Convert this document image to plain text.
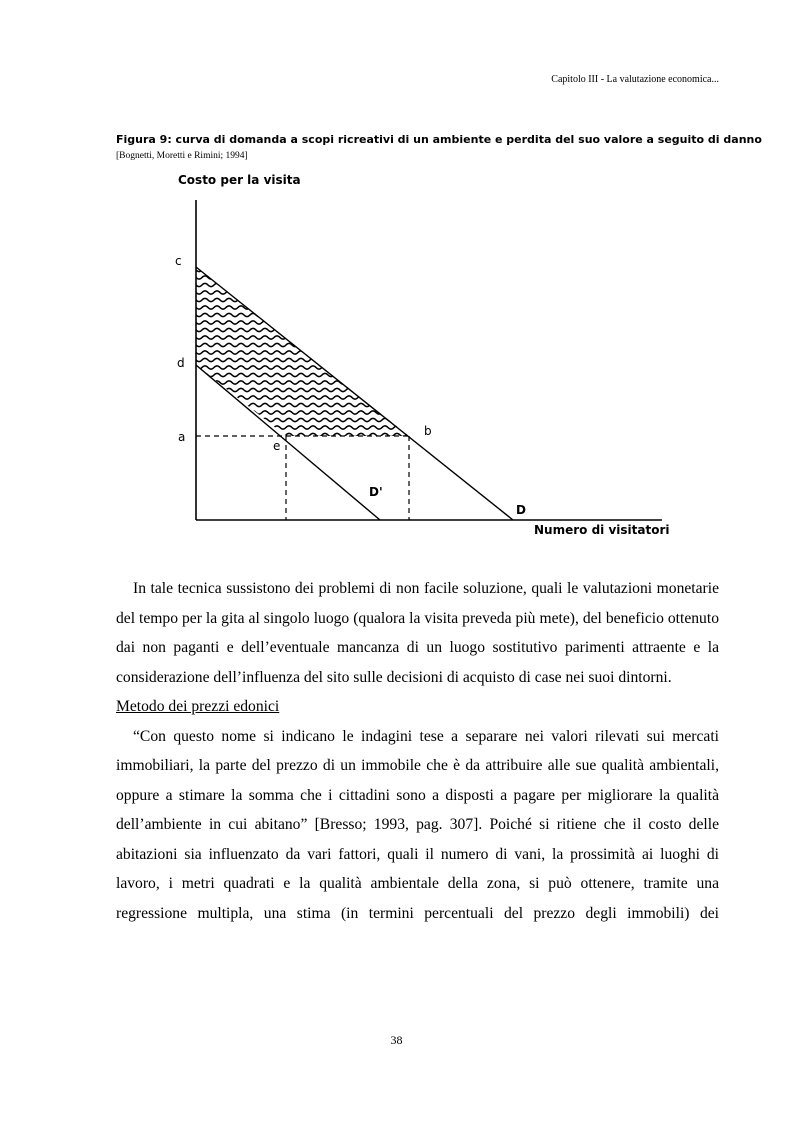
Capitolo III - La valutazione economica...
Figura 9: curva di domanda a scopi ricreativi di un ambiente e perdita del suo valore a seguito di danno
[Bognetti, Moretti e Rimini; 1994]
Costo per la visita
c
d
a
e
b
D'
D
Numero di visitatori

In tale tecnica sussistono dei problemi di non facile soluzione, quali le valutazioni monetarie del tempo per la gita al singolo luogo (qualora la visita preveda più mete), del beneficio ottenuto dai non paganti e dell’eventuale mancanza di un luogo sostitutivo parimenti attraente e la considerazione dell’influenza del sito sulle decisioni di acquisto di case nei suoi dintorni.

Metodo dei prezzi edonici

“Con questo nome si indicano le indagini tese a separare nei valori rilevati sui mercati immobiliari, la parte del prezzo di un immobile che è da attribuire alle sue qualità ambientali, oppure a stimare la somma che i cittadini sono a disposti a pagare per migliorare la qualità dell’ambiente in cui abitano” [Bresso; 1993, pag. 307]. Poiché si ritiene che il costo delle abitazioni sia influenzato da vari fattori, quali il numero di vani, la prossimità ai luoghi di lavoro, i metri quadrati e la qualità ambientale della zona, si può ottenere, tramite una regressione multipla, una stima (in termini percentuali del prezzo degli immobili) dei

38
